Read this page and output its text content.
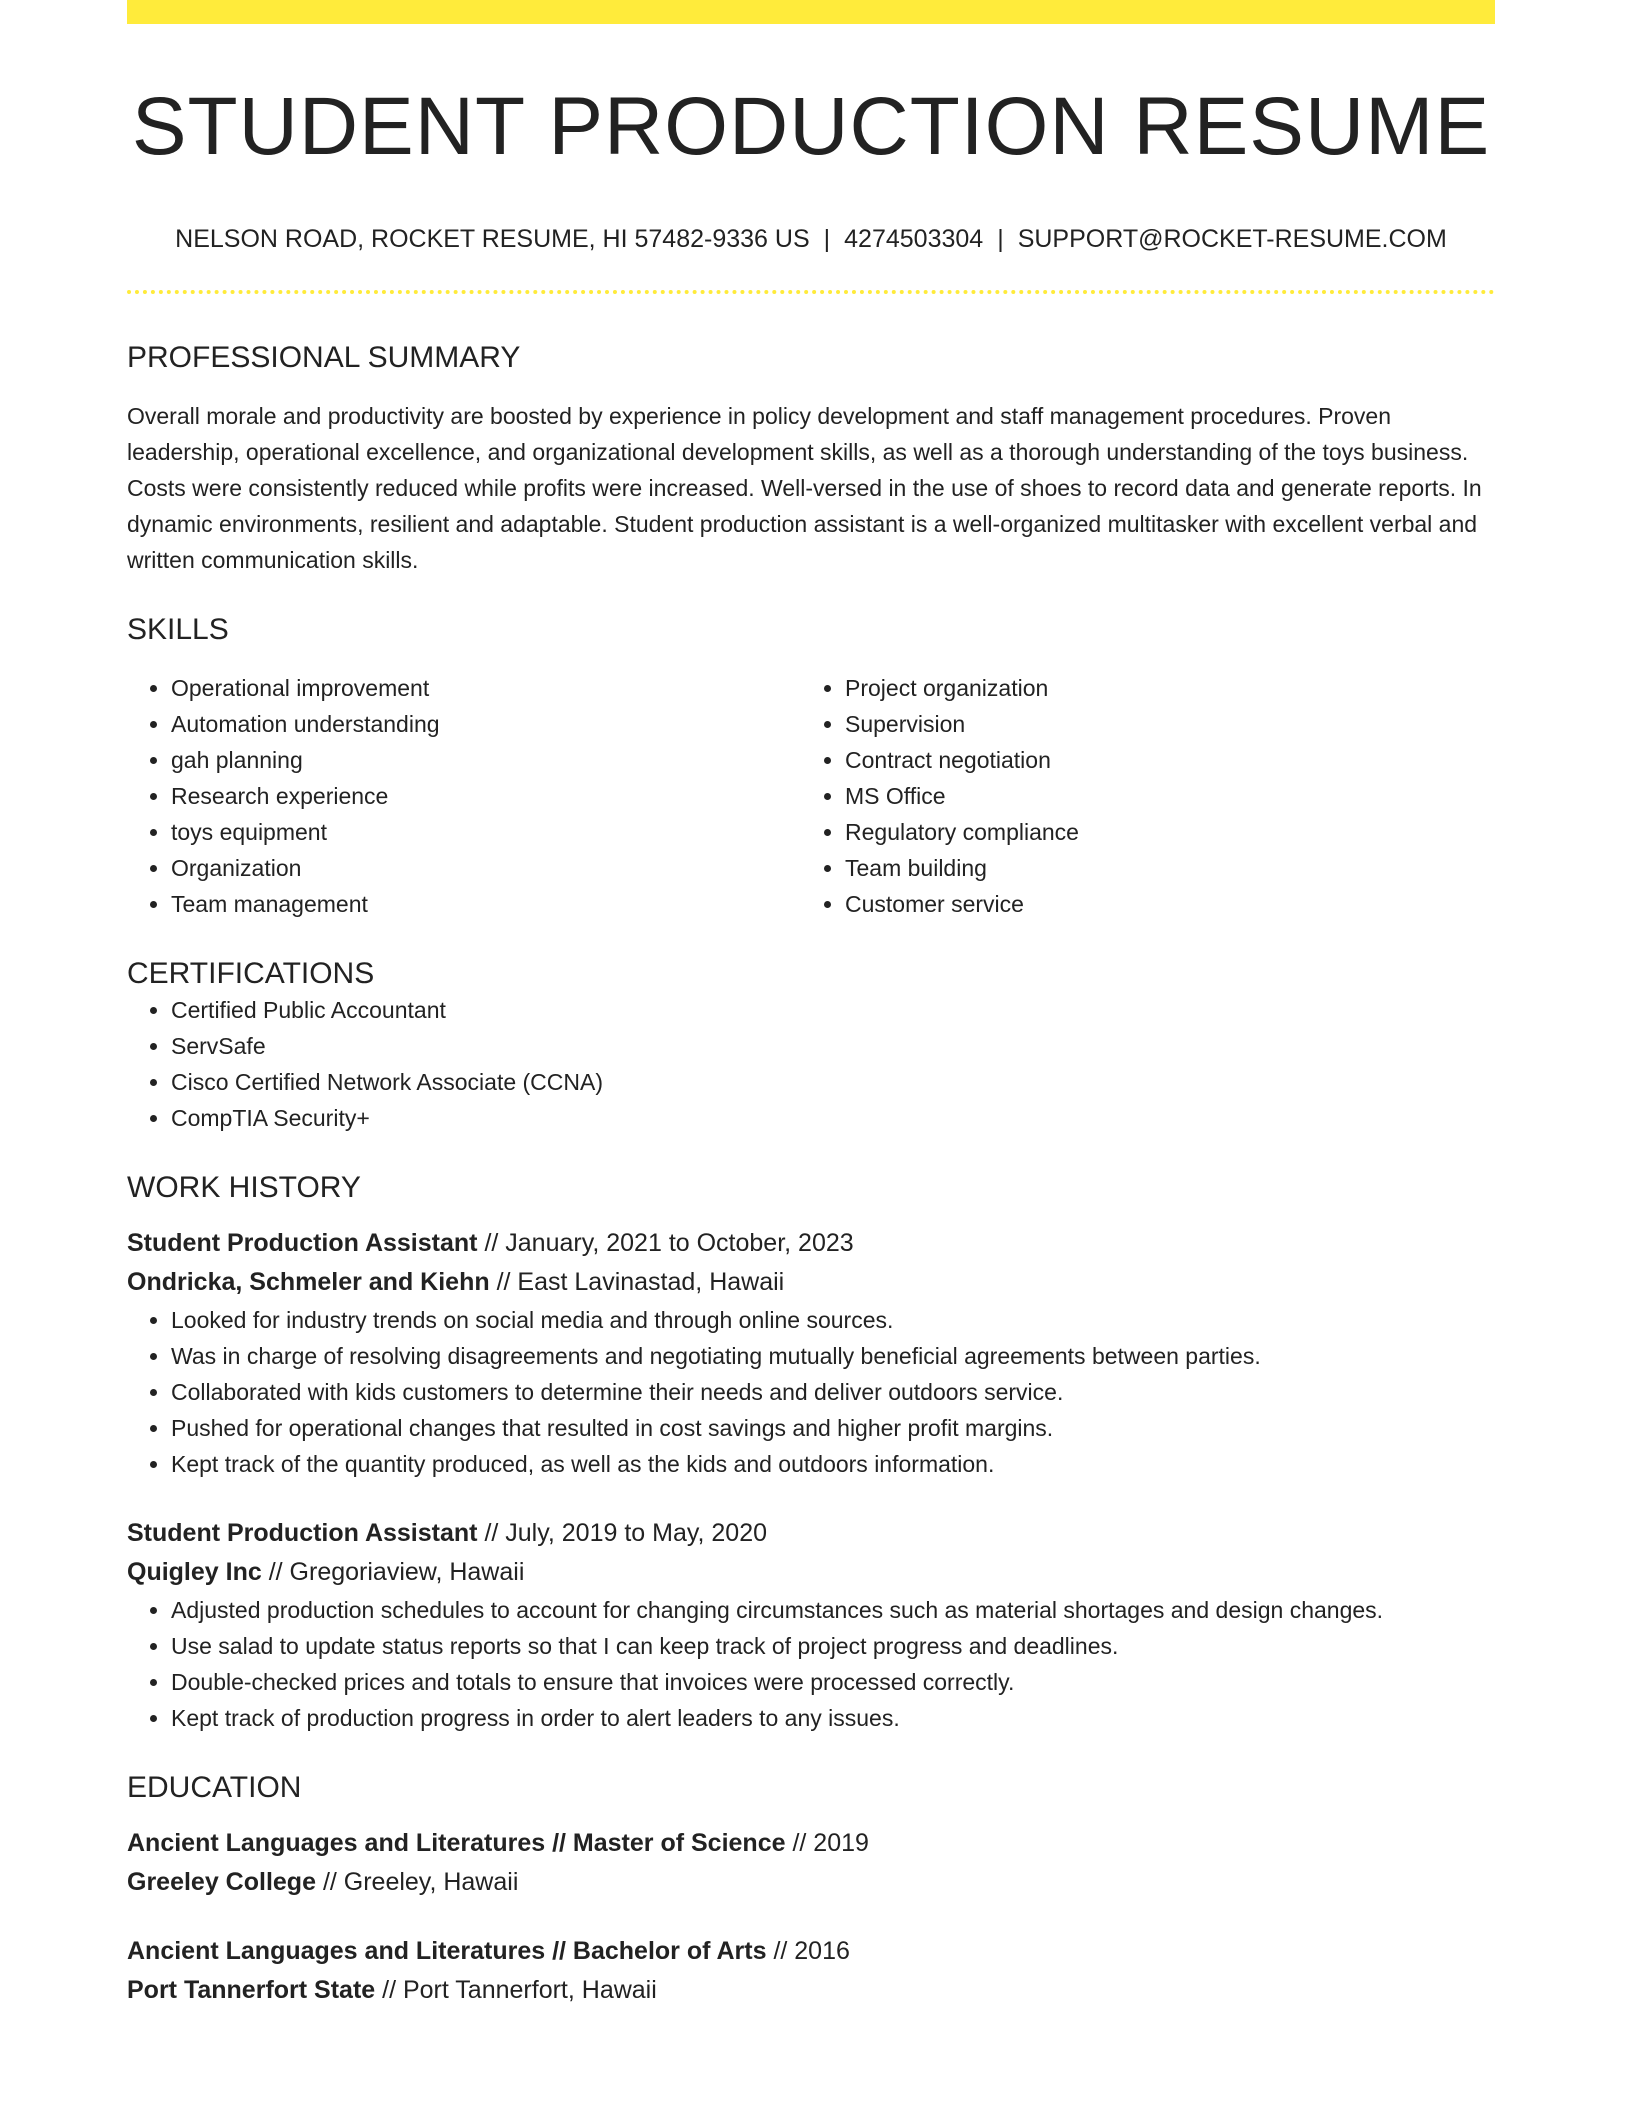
STUDENT PRODUCTION RESUME
NELSON ROAD, ROCKET RESUME, HI 57482-9336 US | 4274503304 | SUPPORT@ROCKET-RESUME.COM
PROFESSIONAL SUMMARY
Overall morale and productivity are boosted by experience in policy development and staff management procedures. Proven leadership, operational excellence, and organizational development skills, as well as a thorough understanding of the toys business. Costs were consistently reduced while profits were increased. Well-versed in the use of shoes to record data and generate reports. In dynamic environments, resilient and adaptable. Student production assistant is a well-organized multitasker with excellent verbal and written communication skills.
SKILLS
• Operational improvement
• Automation understanding
• gah planning
• Research experience
• toys equipment
• Organization
• Team management
• Project organization
• Supervision
• Contract negotiation
• MS Office
• Regulatory compliance
• Team building
• Customer service
CERTIFICATIONS
• Certified Public Accountant
• ServSafe
• Cisco Certified Network Associate (CCNA)
• CompTIA Security+
WORK HISTORY
Student Production Assistant // January, 2021 to October, 2023
Ondricka, Schmeler and Kiehn // East Lavinastad, Hawaii
• Looked for industry trends on social media and through online sources.
• Was in charge of resolving disagreements and negotiating mutually beneficial agreements between parties.
• Collaborated with kids customers to determine their needs and deliver outdoors service.
• Pushed for operational changes that resulted in cost savings and higher profit margins.
• Kept track of the quantity produced, as well as the kids and outdoors information.
Student Production Assistant // July, 2019 to May, 2020
Quigley Inc // Gregoriaview, Hawaii
• Adjusted production schedules to account for changing circumstances such as material shortages and design changes.
• Use salad to update status reports so that I can keep track of project progress and deadlines.
• Double-checked prices and totals to ensure that invoices were processed correctly.
• Kept track of production progress in order to alert leaders to any issues.
EDUCATION
Ancient Languages and Literatures // Master of Science // 2019
Greeley College // Greeley, Hawaii
Ancient Languages and Literatures // Bachelor of Arts // 2016
Port Tannerfort State // Port Tannerfort, Hawaii
